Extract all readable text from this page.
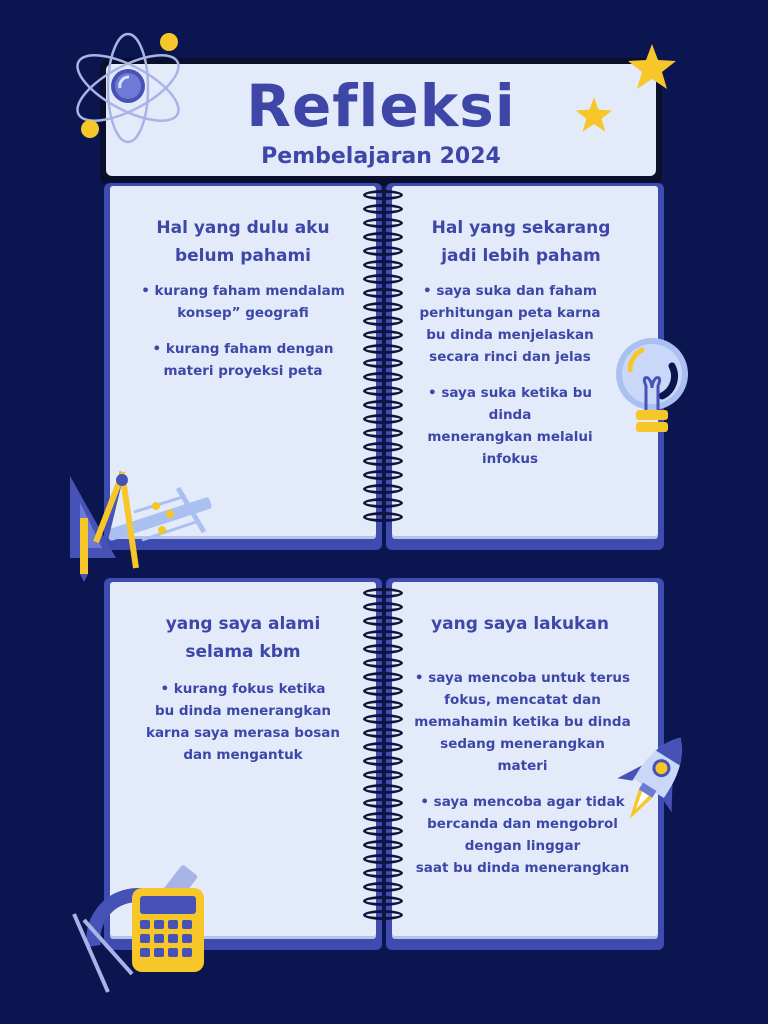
Refleksi
Pembelajaran 2024
Hal yang dulu aku
belum pahami

• kurang faham mendalam
konsep” geografi

• kurang faham dengan
materi proyeksi peta

Hal yang sekarang
jadi lebih paham

• saya suka dan faham
perhitungan peta karna
bu dinda menjelaskan
secara rinci dan jelas

• saya suka ketika bu
dinda
menerangkan melalui
infokus

yang saya alami
selama kbm

• kurang fokus ketika
bu dinda menerangkan
karna saya merasa bosan
dan mengantuk

yang saya lakukan

• saya mencoba untuk terus
fokus, mencatat dan
memahamin ketika bu dinda
sedang menerangkan
materi

• saya mencoba agar tidak
bercanda dan mengobrol
dengan linggar
saat bu dinda menerangkan
